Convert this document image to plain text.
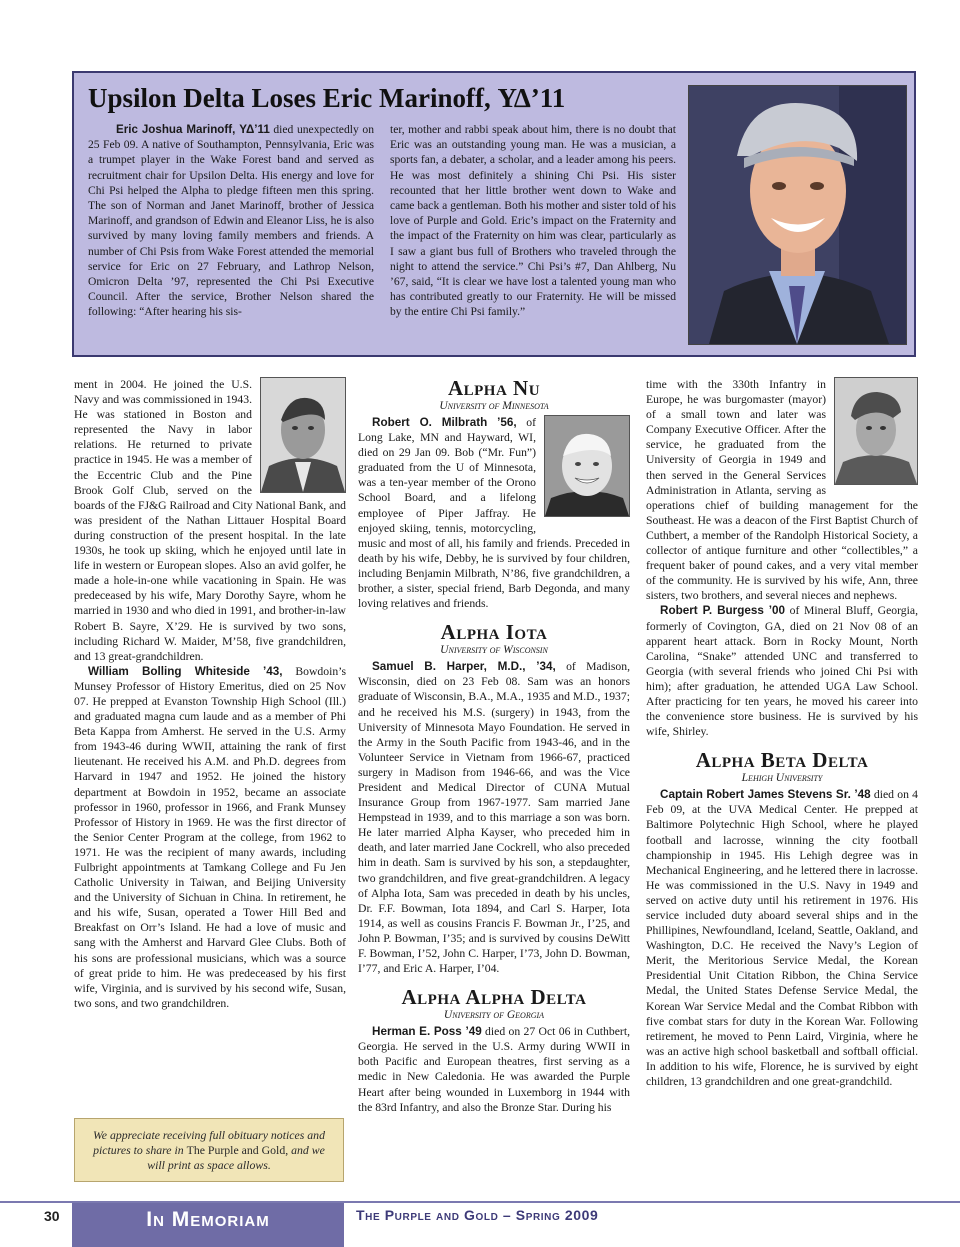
Upsilon Delta Loses Eric Marinoff, ΥΔ’11

Eric Joshua Marinoff, ΥΔ’11 died unexpectedly on 25 Feb 09. A native of Southampton, Pennsylvania, Eric was a trumpet player in the Wake Forest band and served as recruitment chair for Upsilon Delta. His energy and love for Chi Psi helped the Alpha to pledge fifteen men this spring. The son of Norman and Janet Marinoff, brother of Jessica Marinoff, and grandson of Edwin and Eleanor Liss, he is also survived by many loving family members and friends. A number of Chi Psis from Wake Forest attended the memorial service for Eric on 27 February, and Lathrop Nelson, Omicron Delta ’97, represented the Chi Psi Executive Council. After the service, Brother Nelson shared the following: “After hearing his sis-

ter, mother and rabbi speak about him, there is no doubt that Eric was an outstanding young man. He was a musician, a sports fan, a debater, a scholar, and a leader among his peers. He was most definitely a shining Chi Psi. His sister recounted that her little brother went down to Wake and came back a gentleman. Both his mother and sister told of his love of Purple and Gold. Eric’s impact on the Fraternity and the impact of the Fraternity on him was clear, particularly as I saw a giant bus full of Brothers who traveled through the night to attend the service.” Chi Psi’s #7, Dan Ahlberg, Nu ’67, said, “It is clear we have lost a talented young man who has contributed greatly to our Fraternity. He will be missed by the entire Chi Psi family.”

ment in 2004. He joined the U.S. Navy and was commissioned in 1943. He was stationed in Boston and represented the Navy in labor relations. He returned to private practice in 1945. He was a member of the Eccentric Club and the Pine Brook Golf Club, served on the boards of the FJ&G Railroad and City National Bank, and was president of the Nathan Littauer Hospital Board during construction of the present hospital. In the late 1930s, he took up skiing, which he enjoyed until late in life in western or European slopes. Also an avid golfer, he made a hole-in-one while vacationing in Spain. He was predeceased by his wife, Mary Dorothy Sayre, whom he married in 1930 and who died in 1991, and brother-in-law Robert B. Sayre, X’29. He is survived by two sons, including Richard W. Maider, M’58, five grandchildren, and 13 great-grandchildren.

William Bolling Whiteside ’43, Bowdoin’s Munsey Professor of History Emeritus, died on 25 Nov 07. He prepped at Evanston Township High School (Ill.) and graduated magna cum laude and as a member of Phi Beta Kappa from Amherst. He served in the U.S. Army from 1943-46 during WWII, attaining the rank of first lieutenant. He received his A.M. and Ph.D. degrees from Harvard in 1947 and 1952. He joined the history department at Bowdoin in 1952, became an associate professor in 1960, professor in 1966, and Frank Munsey Professor of History in 1969. He was the first director of the Senior Center Program at the college, from 1962 to 1971. He was the recipient of many awards, including Fulbright appointments at Tamkang College and Fu Jen Catholic University in Taiwan, and Beijing University and the University of Sichuan in China. In retirement, he and his wife, Susan, operated a Tower Hill Bed and Breakfast on Orr’s Island. He had a love of music and sang with the Amherst and Harvard Glee Clubs. Both of his sons are professional musicians, which was a source of great pride to him. He was predeceased by his first wife, Virginia, and is survived by his second wife, Susan, two sons, and two grandchildren.

We appreciate receiving full obituary notices and pictures to share in The Purple and Gold, and we will print as space allows.
Alpha Nu
University of Minnesota

Robert O. Milbrath ’56, of Long Lake, MN and Hayward, WI, died on 29 Jan 09. Bob (“Mr. Fun”) graduated from the U of Minnesota, was a ten-year member of the Orono School Board, and a lifelong employee of Piper Jaffray. He enjoyed skiing, tennis, motorcycling, music and most of all, his family and friends. Preceded in death by his wife, Debby, he is survived by four children, including Benjamin Milbrath, N’86, five grandchildren, a brother, a sister, special friend, Barb Degonda, and many loving relatives and friends.

Alpha Iota
University of Wisconsin

Samuel B. Harper, M.D., ’34, of Madison, Wisconsin, died on 23 Feb 08. Sam was an honors graduate of Wisconsin, B.A., M.A., 1935 and M.D., 1937; and he received his M.S. (surgery) in 1943, from the University of Minnesota Mayo Foundation. He served in the Army in the South Pacific from 1943-46, and in the Volunteer Service in Vietnam from 1966-67, practiced surgery in Madison from 1946-66, and was the Vice President and Medical Director of CUNA Mutual Insurance Group from 1967-1977. Sam married Jane Hempstead in 1939, and to this marriage a son was born. He later married Alpha Kayser, who preceded him in death, and later married Jane Cockrell, who also preceded him in death. Sam is survived by his son, a stepdaughter, two grandchildren, and five great-grandchildren. A legacy of Alpha Iota, Sam was preceded in death by his uncles, Dr. F.F. Bowman, Iota 1894, and Carl S. Harper, Iota 1914, as well as cousins Francis F. Bowman Jr., I’25, and John P. Bowman, I’35; and is survived by cousins DeWitt F. Bowman, I’52, John C. Harper, I’73, John D. Bowman, I’77, and Eric A. Harper, I’04.

Alpha Alpha Delta
University of Georgia

Herman E. Poss ’49 died on 27 Oct 06 in Cuthbert, Georgia. He served in the U.S. Army during WWII in both Pacific and European theatres, first serving as a medic in New Caledonia. He was awarded the Purple Heart after being wounded in Luxemborg in 1944 with the 83rd Infantry, and also the Bronze Star. During his

time with the 330th Infantry in Europe, he was burgomaster (mayor) of a small town and later was Company Executive Officer. After the service, he graduated from the University of Georgia in 1949 and then served in the General Services Administration in Atlanta, serving as operations chief of building management for the Southeast. He was a deacon of the First Baptist Church of Cuthbert, a member of the Randolph Historical Society, a collector of antique furniture and other “collectibles,” a frequent baker of pound cakes, and a very vital member of the community. He is survived by his wife, Ann, three sisters, two brothers, and several nieces and nephews.

Robert P. Burgess ’00 of Mineral Bluff, Georgia, formerly of Covington, GA, died on 21 Nov 08 of an apparent heart attack. Born in Rocky Mount, North Carolina, “Snake” attended UNC and transferred to Georgia (with several friends who joined Chi Psi with him); after graduation, he attended UGA Law School. After practicing for ten years, he moved his career into the convenience store business. He is survived by his wife, Shirley.

Alpha Beta Delta
Lehigh University

Captain Robert James Stevens Sr. ’48 died on 4 Feb 09, at the UVA Medical Center. He prepped at Baltimore Polytechnic High School, where he played football and lacrosse, winning the city football championship in 1945. His Lehigh degree was in Mechanical Engineering, and he lettered there in lacrosse. He was commissioned in the U.S. Navy in 1949 and served on active duty until his retirement in 1976. His service included duty aboard several ships and in the Phillipines, Newfoundland, Iceland, Seattle, Oakland, and Washington, D.C. He received the Navy’s Legion of Merit, the Meritorious Service Medal, the Korean Presidential Unit Citation Ribbon, the China Service Medal, the United States Defense Service Medal, the Korean War Service Medal and the Combat Ribbon with five combat stars for duty in the Korean War. Following retirement, he moved to Penn Laird, Virginia, where he was an active high school basketball and softball official. In addition to his wife, Florence, he is survived by eight children, 13 grandchildren and one great-grandchild.

30	In Memoriam	The Purple and Gold – Spring 2009
